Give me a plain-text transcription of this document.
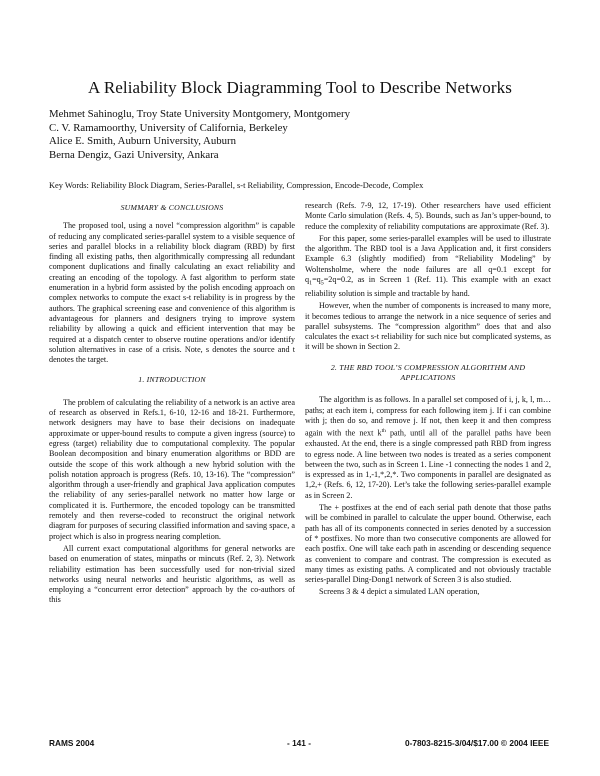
A Reliability Block Diagramming Tool to Describe Networks
Mehmet Sahinoglu, Troy State University Montgomery, Montgomery
C. V. Ramamoorthy, University of California, Berkeley
Alice E. Smith, Auburn University, Auburn
Berna Dengiz, Gazi University, Ankara
Key Words: Reliability Block Diagram, Series-Parallel, s-t Reliability, Compression, Encode-Decode, Complex
SUMMARY & CONCLUSIONS

The proposed tool, using a novel “compression algorithm” is capable of reducing any complicated series-parallel system to a visible sequence of series and parallel blocks in a reliability block diagram (RBD) by first finding all existing paths, then algorithmically compressing all redundant component duplications and finally calculating an exact reliability and creating an encoding of the topology. A fast algorithm to perform state enumeration in a hybrid form assisted by the polish encoding approach on complex networks to compute the exact s-t reliability is in progress by the authors. The graphical screening ease and convenience of this algorithm is advantageous for planners and designers trying to improve system reliability by allowing a quick and efficient intervention that may be required at a dispatch center to observe routine operations and/or identify solution alternatives in case of a crisis. Note, s denotes the source and t denotes the target.

1. INTRODUCTION

The problem of calculating the reliability of a network is an active area of research as observed in Refs.1, 6-10, 12-16 and 18-21. Furthermore, network designers may have to base their decisions on inadequate approximate or upper-bound results to compute a given ingress (source) to egress (target) reliability due to computational complexity. The popular Boolean decomposition and binary enumeration algorithms or BDD are outside the scope of this work although a new hybrid solution with the polish notation approach is progress (Refs. 10, 13-16). The “compression” algorithm through a user-friendly and graphical Java application computes the reliability of any series-parallel network no matter how large or complicated it is. Furthermore, the encoded topology can be transmitted remotely and then reverse-coded to reconstruct the original network diagram for purposes of securing classified information and saving space, a project which is also in progress nearing completion.

All current exact computational algorithms for general networks are based on enumeration of states, minpaths or mincuts (Ref. 2, 3). Network reliability estimation has been successfully used for non-trivial sized networks using neural networks and heuristic algorithms, as well as employing a “concurrent error detection” approach by the co-authors of this

research (Refs. 7-9, 12, 17-19). Other researchers have used efficient Monte Carlo simulation (Refs. 4, 5). Bounds, such as Jan’s upper-bound, to reduce the complexity of reliability computations are approximate (Ref. 3).

For this paper, some series-parallel examples will be used to illustrate the algorithm. The RBD tool is a Java Application and, it first considers Example 6.3 (slightly modified) from “Reliability Modeling” by Woltensholme, where the node failures are all q=0.1 except for $q_1=q_5=2q=0.2$, as in Screen 1 (Ref. 11). This example with an exact reliability solution is simple and tractable by hand.

However, when the number of components is increased to many more, it becomes tedious to arrange the network in a nice sequence of series and parallel subsystems. The “compression algorithm” does that and also calculates the exact s-t reliability for such nice but complicated systems, as it will be shown in Section 2.

2. THE RBD TOOL’S COMPRESSION ALGORITHM AND APPLICATIONS

The algorithm is as follows. In a parallel set composed of i, j, k, l, m… paths; at each item i, compress for each following item j. If i can combine with j; then do so, and remove j. If not, then keep it and then compress again with the next $k^{th}$ path, until all of the parallel paths have been exhausted. At the end, there is a single compressed path RBD from ingress to egress node. A line between two nodes is treated as a series component between the two, such as in Screen 1. Line -1 connecting the nodes 1 and 2, is expressed as in 1,-1,*,2,*. Two components in parallel are designated as 1,2,+ (Refs. 6, 12, 17-20). Let’s take the following series-parallel example as in Screen 2.

The + postfixes at the end of each serial path denote that those paths will be combined in parallel to calculate the upper bound. Otherwise, each path has all of its components connected in series denoted by a succession of * postfixes. No more than two consecutive components are allowed for each postfix. One will take each path in ascending or descending sequence as convenient to compare and contrast. The compression is executed as many times as existing paths. A complicated and not obviously tractable series-parallel Ding-Dong1 network of Screen 3 is also studied.

Screens 3 & 4 depict a simulated LAN operation,

RAMS 2004	- 141 -	0-7803-8215-3/04/$17.00 © 2004 IEEE
